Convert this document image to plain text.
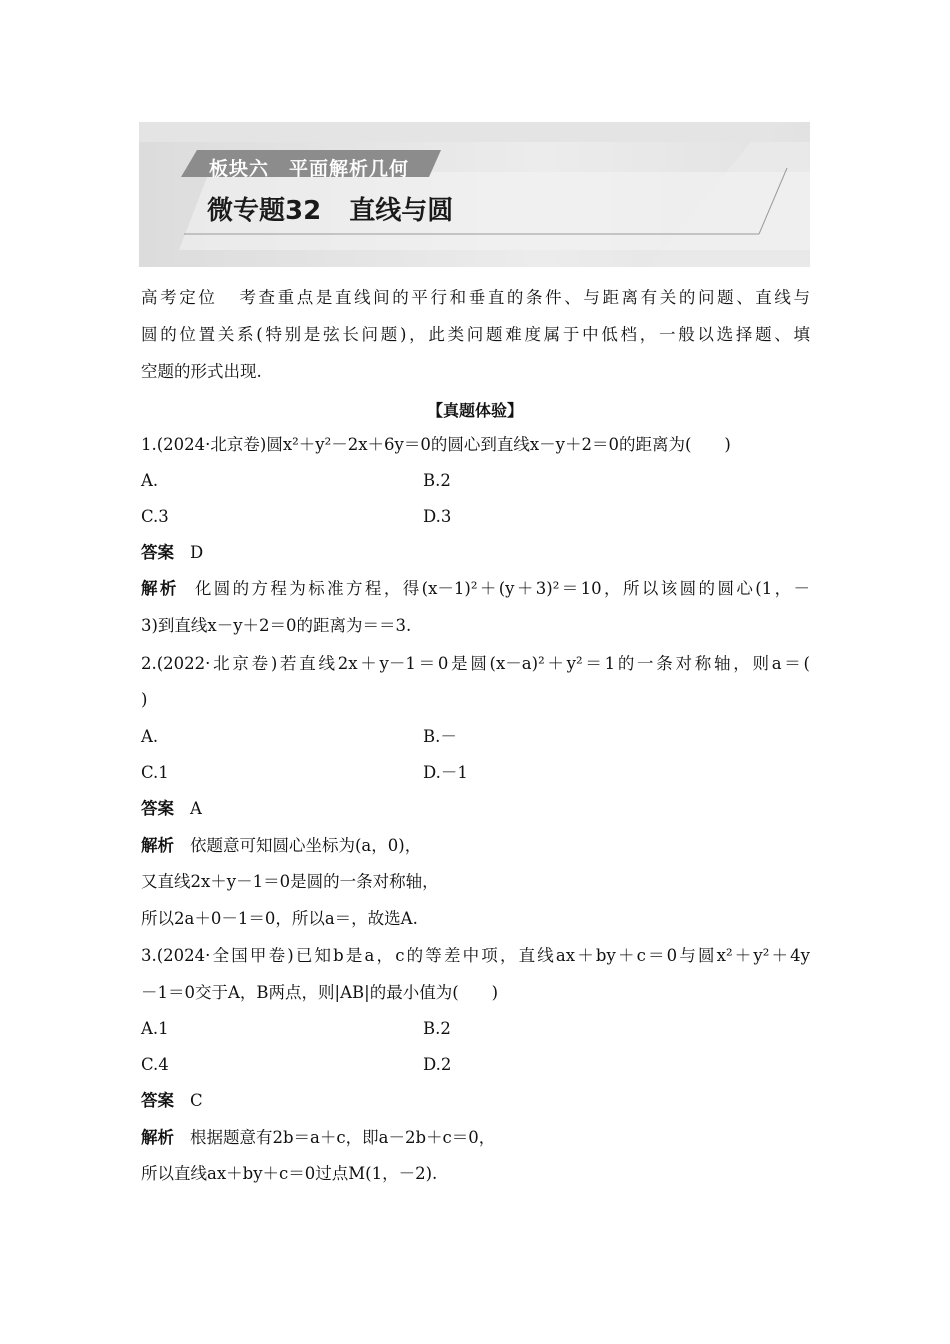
板块六　平面解析几何
微专题32 直线与圆
高考定位 考查重点是直线间的平行和垂直的条件、与距离有关的问题、直线与
圆的位置关系(特别是弦长问题)，此类问题难度属于中低档，一般以选择题、填
空题的形式出现.
【真题体验】
1.(2024·北京卷)圆x²＋y²－2x＋6y＝0的圆心到直线x－y＋2＝0的距离为(　　)
A.	B.2
C.3	D.3
答案 D
解析 化圆的方程为标准方程，得(x－1)²＋(y＋3)²＝10，所以该圆的圆心(1，－
3)到直线x－y＋2＝0的距离为＝＝3.
2.(2022·北京卷)若直线2x＋y－1＝0是圆(x－a)²＋y²＝1的一条对称轴，则a＝(
)
A.	B.－
C.1	D.－1
答案 A
解析 依题意可知圆心坐标为(a，0)，
又直线2x＋y－1＝0是圆的一条对称轴，
所以2a＋0－1＝0，所以a＝，故选A.
3.(2024·全国甲卷)已知b是a，c的等差中项，直线ax＋by＋c＝0与圆x²＋y²＋4y
－1＝0交于A，B两点，则|AB|的最小值为(　　)
A.1	B.2
C.4	D.2
答案 C
解析 根据题意有2b＝a＋c，即a－2b＋c＝0，
所以直线ax＋by＋c＝0过点M(1，－2).
